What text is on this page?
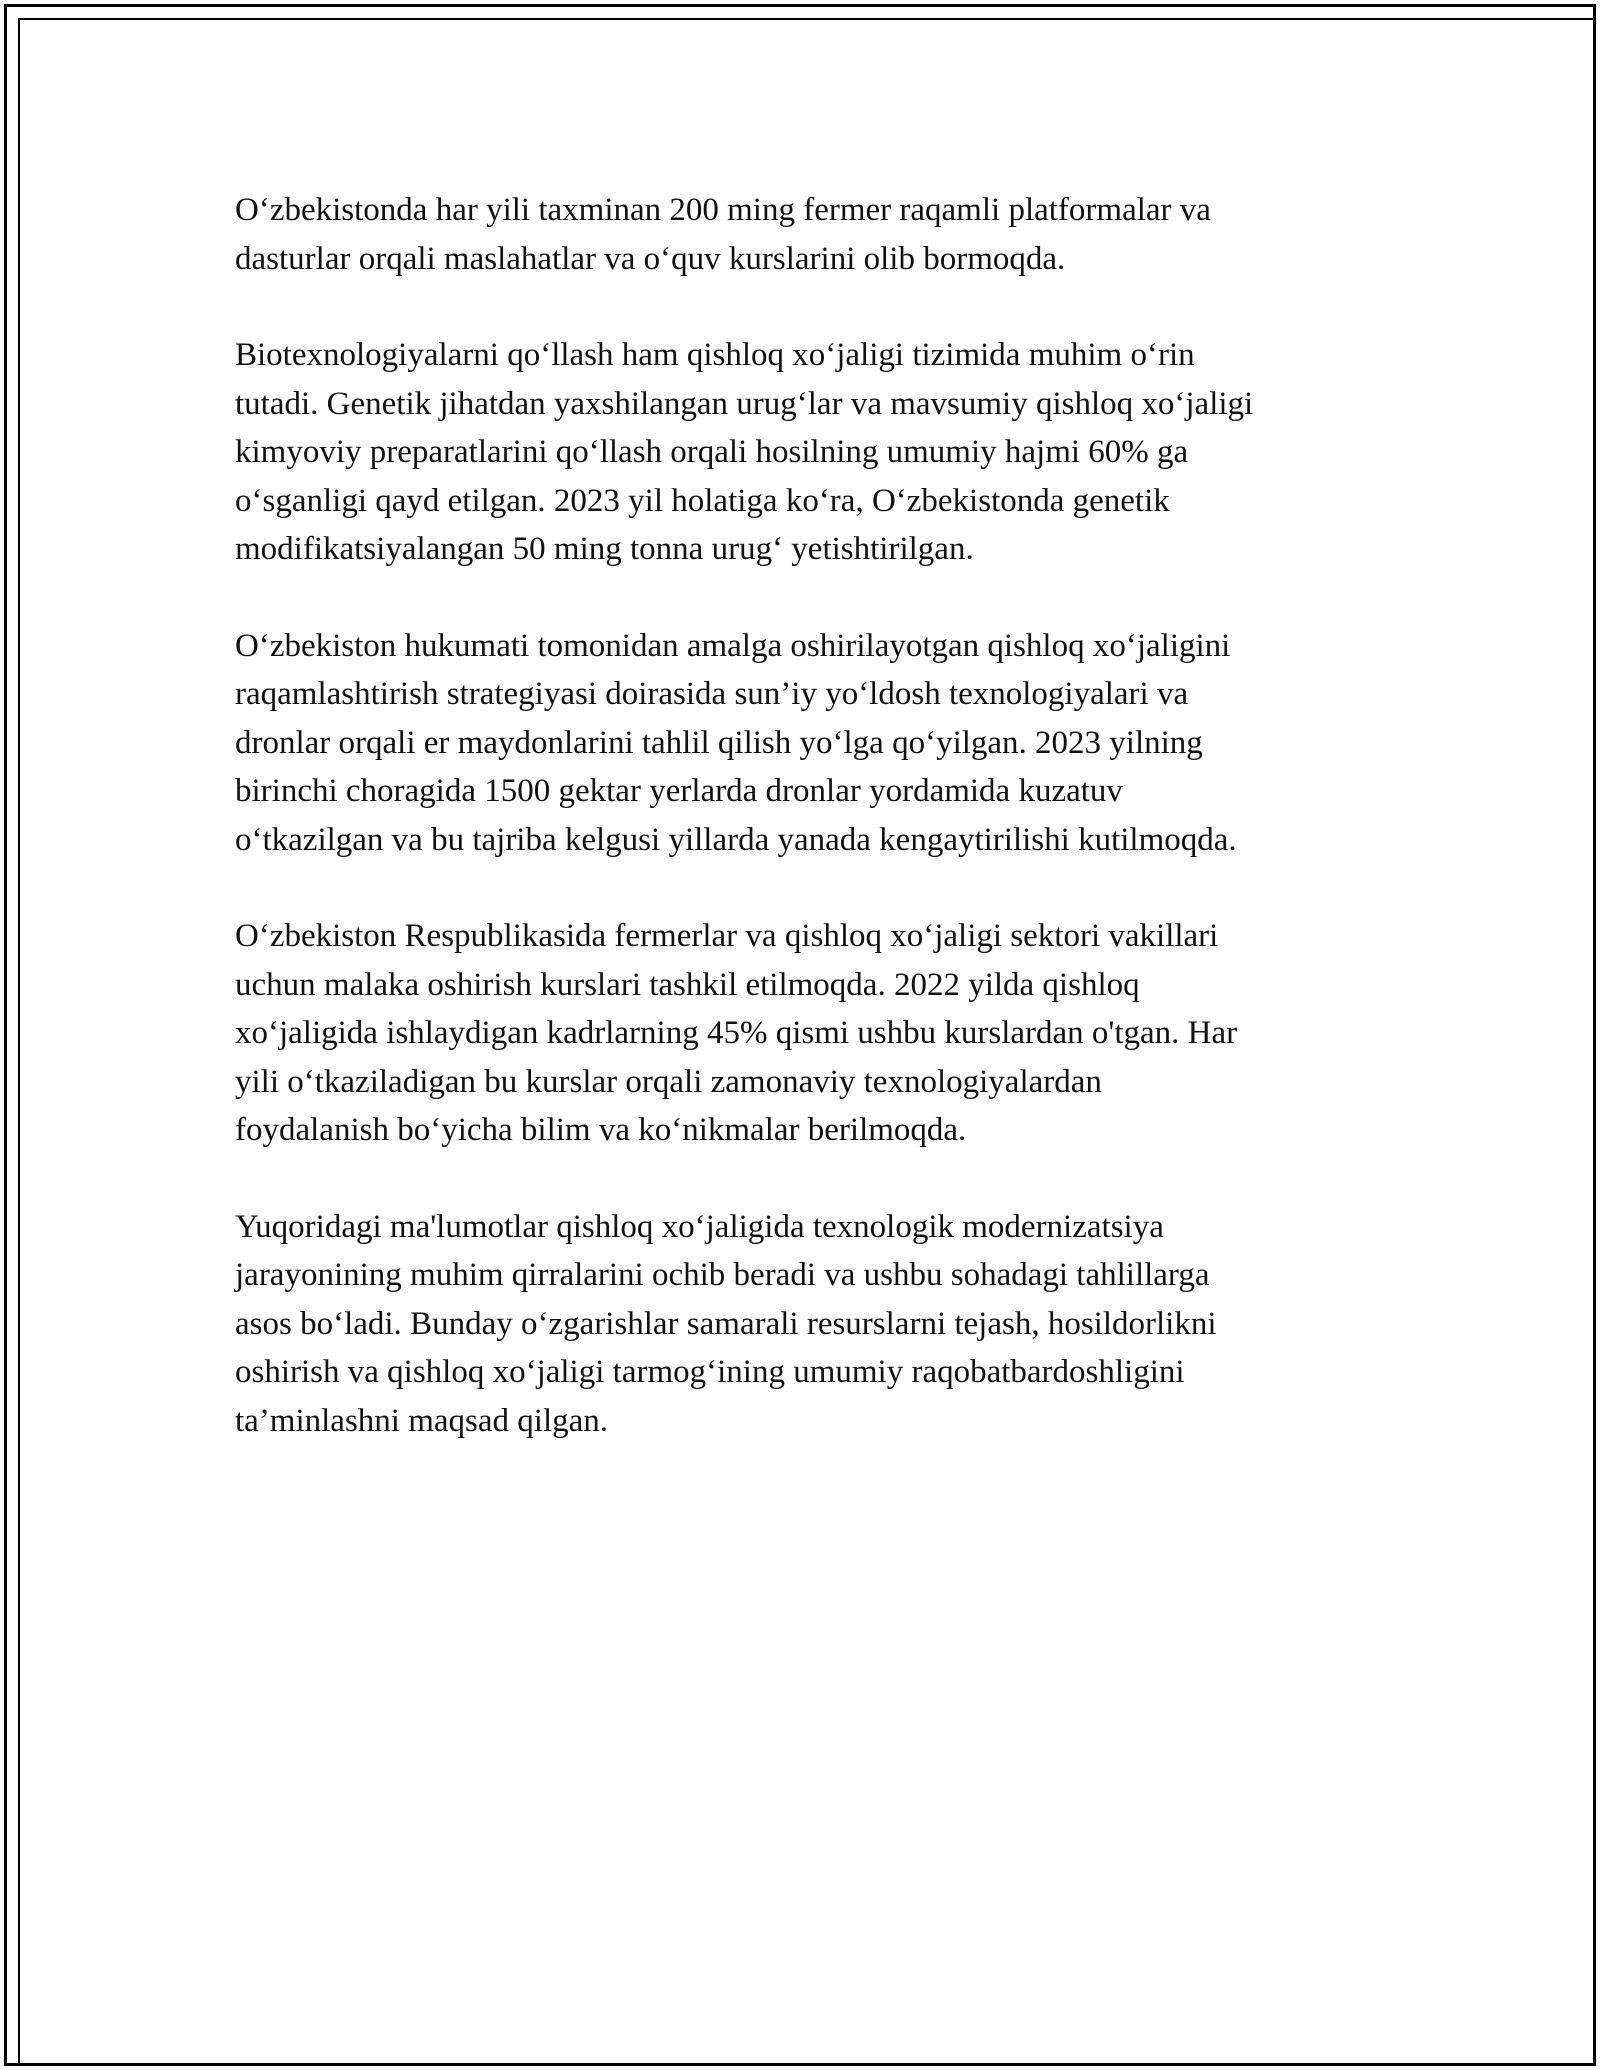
O‘zbekistonda har yili taxminan 200 ming fermer raqamli platformalar va
dasturlar orqali maslahatlar va o‘quv kurslarini olib bormoqda.

Biotexnologiyalarni qo‘llash ham qishloq xo‘jaligi tizimida muhim o‘rin
tutadi. Genetik jihatdan yaxshilangan urug‘lar va mavsumiy qishloq xo‘jaligi
kimyoviy preparatlarini qo‘llash orqali hosilning umumiy hajmi 60% ga
o‘sganligi qayd etilgan. 2023 yil holatiga ko‘ra, O‘zbekistonda genetik
modifikatsiyalangan 50 ming tonna urug‘ yetishtirilgan.

O‘zbekiston hukumati tomonidan amalga oshirilayotgan qishloq xo‘jaligini
raqamlashtirish strategiyasi doirasida sun’iy yo‘ldosh texnologiyalari va
dronlar orqali er maydonlarini tahlil qilish yo‘lga qo‘yilgan. 2023 yilning
birinchi choragida 1500 gektar yerlarda dronlar yordamida kuzatuv
o‘tkazilgan va bu tajriba kelgusi yillarda yanada kengaytirilishi kutilmoqda.

O‘zbekiston Respublikasida fermerlar va qishloq xo‘jaligi sektori vakillari
uchun malaka oshirish kurslari tashkil etilmoqda. 2022 yilda qishloq
xo‘jaligida ishlaydigan kadrlarning 45% qismi ushbu kurslardan o'tgan. Har
yili o‘tkaziladigan bu kurslar orqali zamonaviy texnologiyalardan
foydalanish bo‘yicha bilim va ko‘nikmalar berilmoqda.

Yuqoridagi ma'lumotlar qishloq xo‘jaligida texnologik modernizatsiya
jarayonining muhim qirralarini ochib beradi va ushbu sohadagi tahlillarga
asos bo‘ladi. Bunday o‘zgarishlar samarali resurslarni tejash, hosildorlikni
oshirish va qishloq xo‘jaligi tarmog‘ining umumiy raqobatbardoshligini
ta’minlashni maqsad qilgan.
